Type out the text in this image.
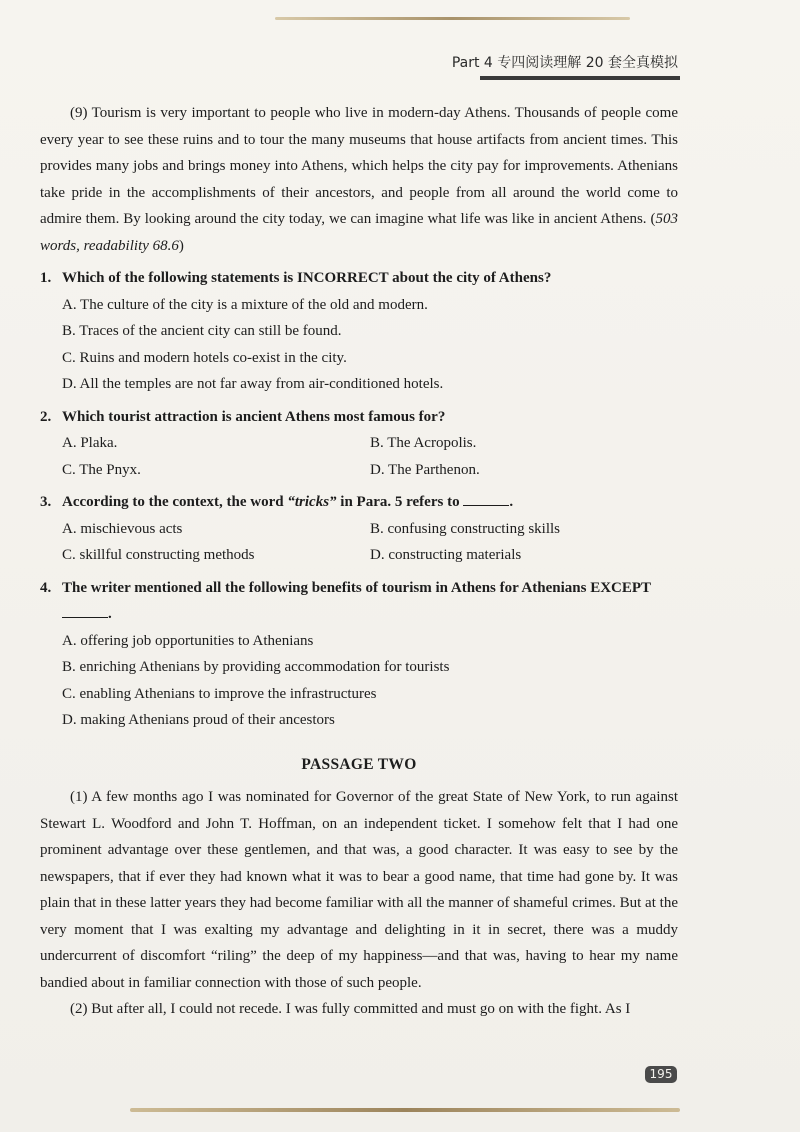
Part 4 专四阅读理解 20 套全真模拟

(9) Tourism is very important to people who live in modern-day Athens. Thousands of people come every year to see these ruins and to tour the many museums that house artifacts from ancient times. This provides many jobs and brings money into Athens, which helps the city pay for improvements. Athenians take pride in the accomplishments of their ancestors, and people from all around the world come to admire them. By looking around the city today, we can imagine what life was like in ancient Athens. (503 words, readability 68.6)

1. Which of the following statements is INCORRECT about the city of Athens?
A. The culture of the city is a mixture of the old and modern.
B. Traces of the ancient city can still be found.
C. Ruins and modern hotels co-exist in the city.
D. All the temples are not far away from air-conditioned hotels.
2. Which tourist attraction is ancient Athens most famous for?
A. Plaka.	B. The Acropolis.
C. The Pnyx.	D. The Parthenon.
3. According to the context, the word “tricks” in Para. 5 refers to	.
A. mischievous acts	B. confusing constructing skills
C. skillful constructing methods	D. constructing materials
4. The writer mentioned all the following benefits of tourism in Athens for Athenians EXCEPT .
A. offering job opportunities to Athenians
B. enriching Athenians by providing accommodation for tourists
C. enabling Athenians to improve the infrastructures
D. making Athenians proud of their ancestors
PASSAGE TWO

(1) A few months ago I was nominated for Governor of the great State of New York, to run against Stewart L. Woodford and John T. Hoffman, on an independent ticket. I somehow felt that I had one prominent advantage over these gentlemen, and that was, a good character. It was easy to see by the newspapers, that if ever they had known what it was to bear a good name, that time had gone by. It was plain that in these latter years they had become familiar with all the manner of shameful crimes. But at the very moment that I was exalting my advantage and delighting in it in secret, there was a muddy undercurrent of discomfort “riling” the deep of my happiness—and that was, having to hear my name bandied about in familiar connection with those of such people.

(2) But after all, I could not recede. I was fully committed and must go on with the fight. As I

195
